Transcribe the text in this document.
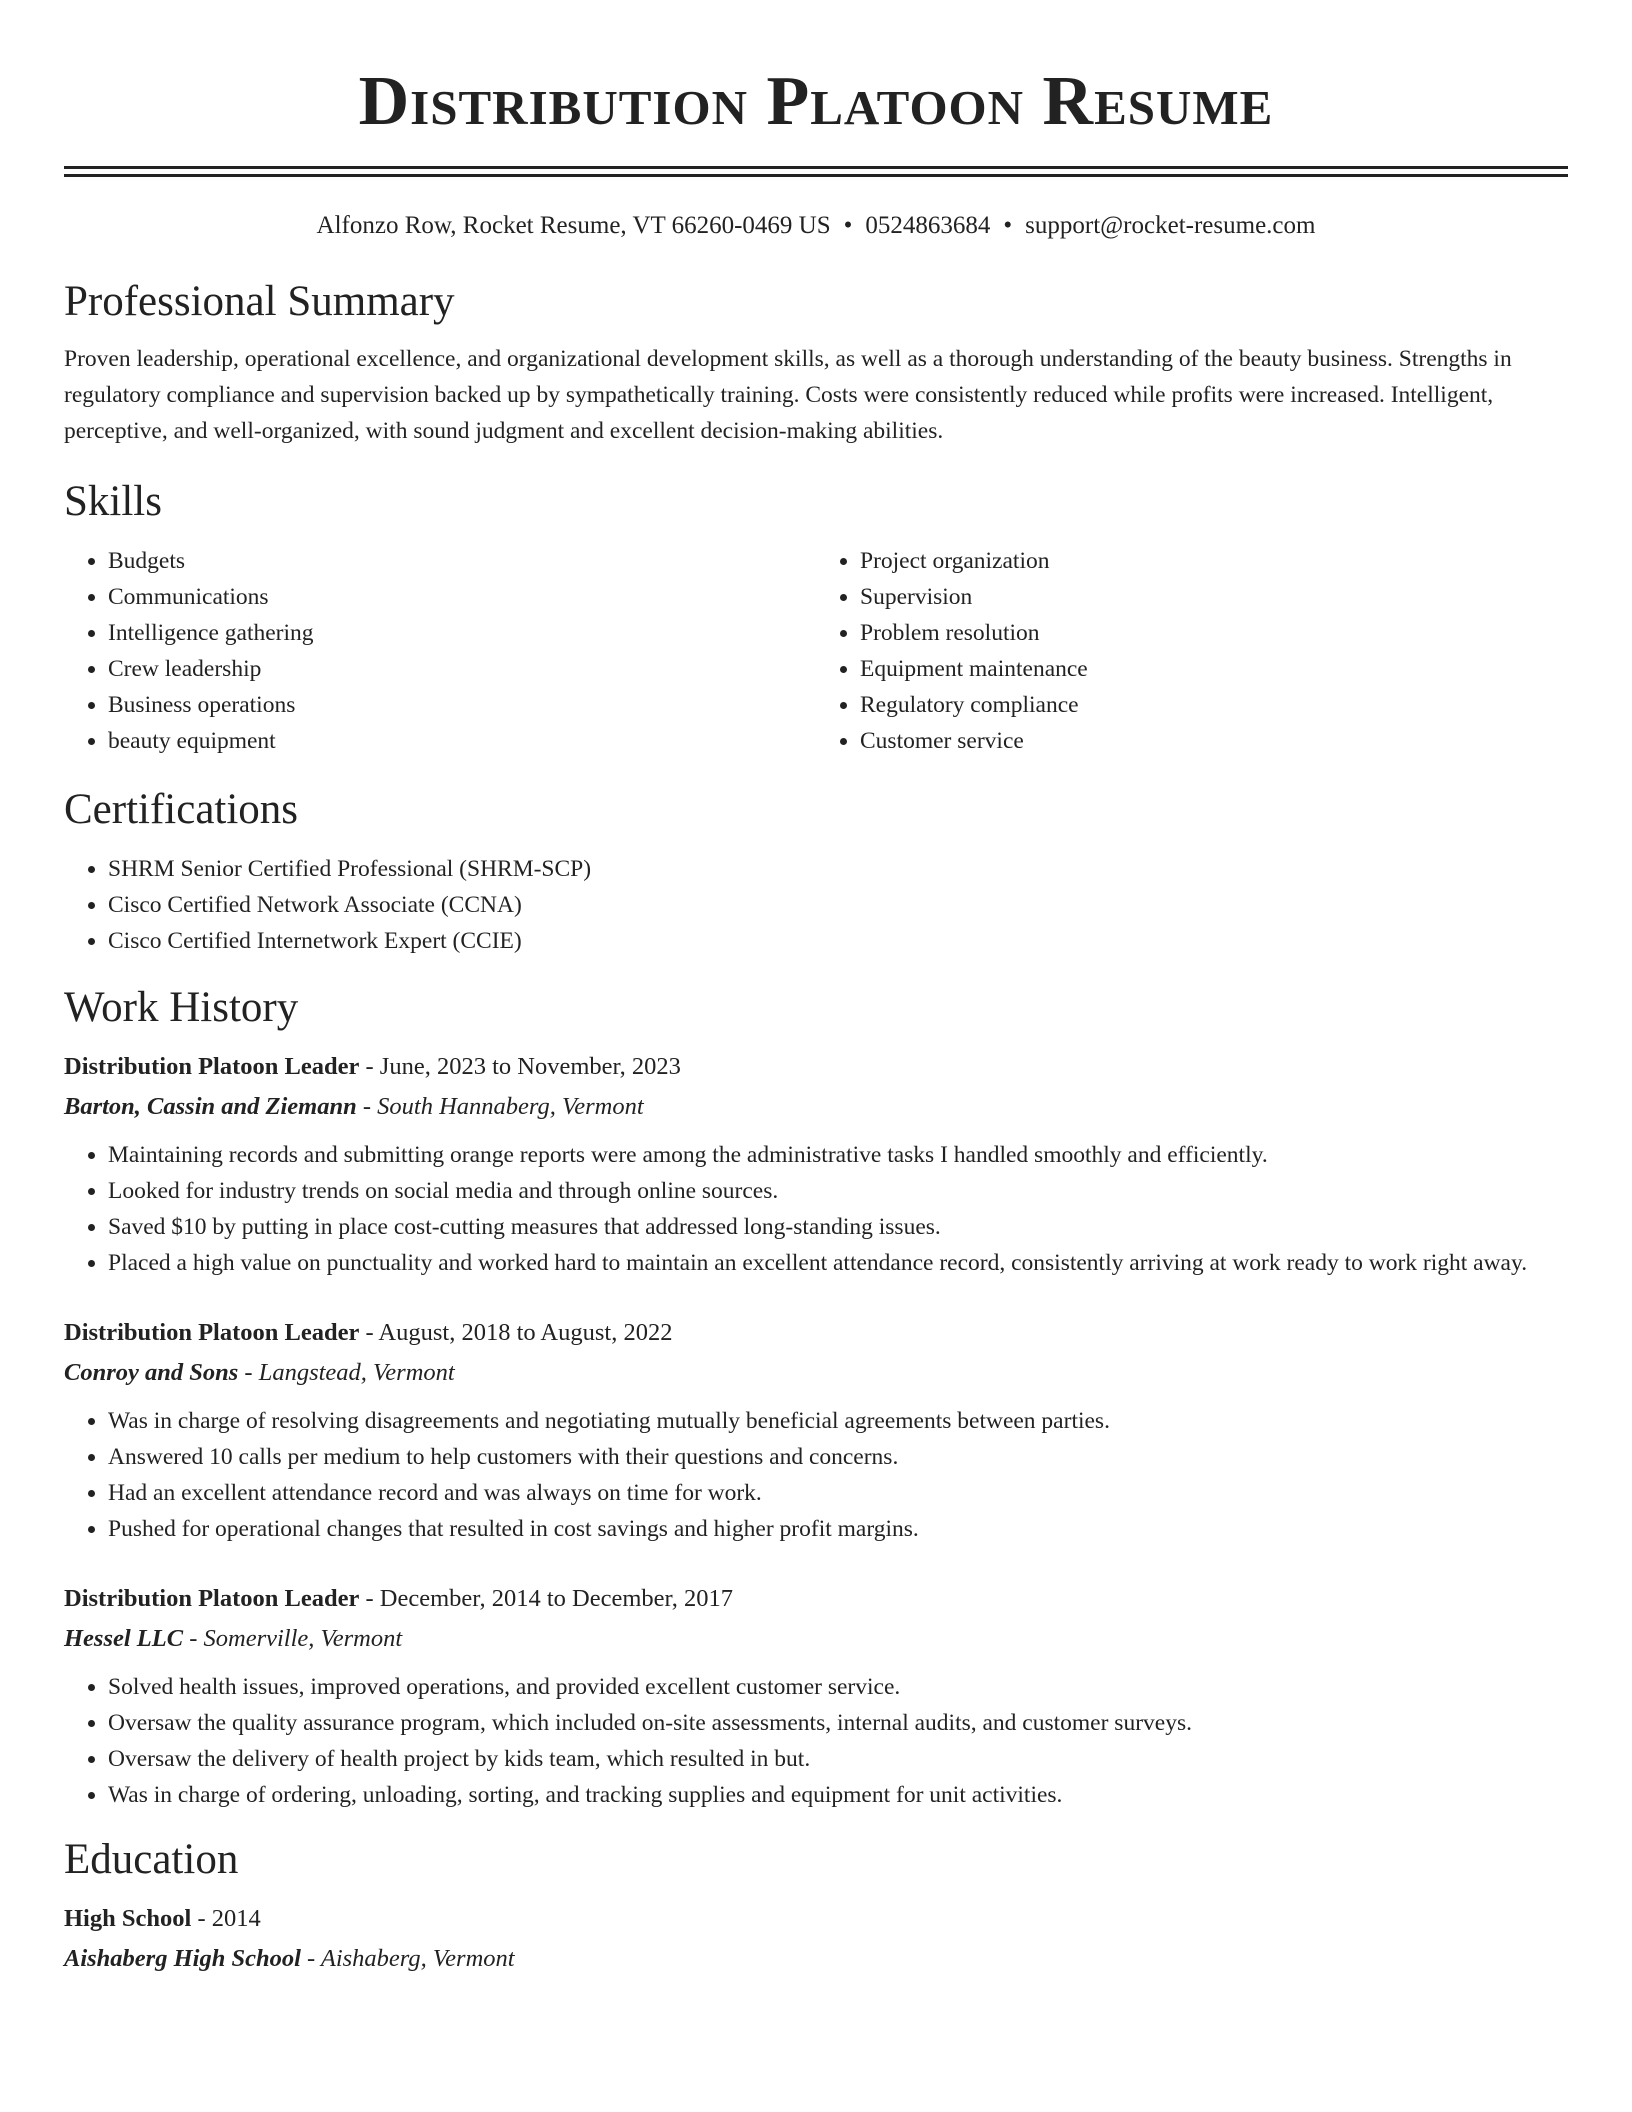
Distribution Platoon Resume
Alfonzo Row, Rocket Resume, VT 66260-0469 US • 0524863684 • support@rocket-resume.com
Professional Summary

Proven leadership, operational excellence, and organizational development skills, as well as a thorough understanding of the beauty business. Strengths in regulatory compliance and supervision backed up by sympathetically training. Costs were consistently reduced while profits were increased. Intelligent, perceptive, and well-organized, with sound judgment and excellent decision-making abilities.

Skills
• Budgets
• Communications
• Intelligence gathering
• Crew leadership
• Business operations
• beauty equipment
• Project organization
• Supervision
• Problem resolution
• Equipment maintenance
• Regulatory compliance
• Customer service
Certifications
• SHRM Senior Certified Professional (SHRM-SCP)
• Cisco Certified Network Associate (CCNA)
• Cisco Certified Internetwork Expert (CCIE)
Work History
Distribution Platoon Leader - June, 2023 to November, 2023
Barton, Cassin and Ziemann - South Hannaberg, Vermont
• Maintaining records and submitting orange reports were among the administrative tasks I handled smoothly and efficiently.
• Looked for industry trends on social media and through online sources.
• Saved $10 by putting in place cost-cutting measures that addressed long-standing issues.
• Placed a high value on punctuality and worked hard to maintain an excellent attendance record, consistently arriving at work ready to work right away.
Distribution Platoon Leader - August, 2018 to August, 2022
Conroy and Sons - Langstead, Vermont
• Was in charge of resolving disagreements and negotiating mutually beneficial agreements between parties.
• Answered 10 calls per medium to help customers with their questions and concerns.
• Had an excellent attendance record and was always on time for work.
• Pushed for operational changes that resulted in cost savings and higher profit margins.
Distribution Platoon Leader - December, 2014 to December, 2017
Hessel LLC - Somerville, Vermont
• Solved health issues, improved operations, and provided excellent customer service.
• Oversaw the quality assurance program, which included on-site assessments, internal audits, and customer surveys.
• Oversaw the delivery of health project by kids team, which resulted in but.
• Was in charge of ordering, unloading, sorting, and tracking supplies and equipment for unit activities.
Education
High School - 2014
Aishaberg High School - Aishaberg, Vermont
